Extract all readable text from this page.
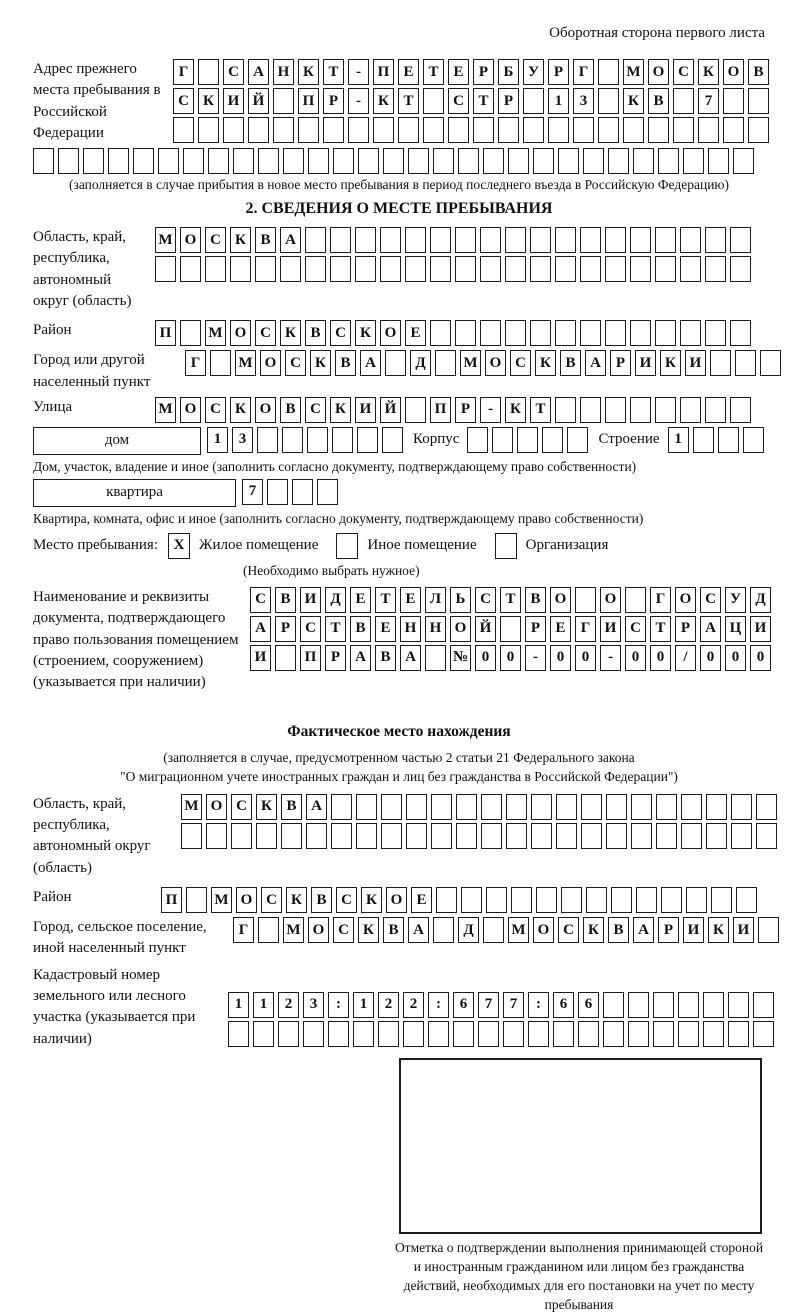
Оборотная сторона первого листа
Адрес прежнего места пребывания в Российской Федерации
Г	С А Н К Т	-	П Е Т Е	Р	Б У Р	Г	М О С К О В
С К И Й	П Р	-	К Т	С Т	Р	1	3	К В	7
(заполняется в случае прибытия в новое место пребывания в период последнего въезда в Российскую Федерацию)
2. СВЕДЕНИЯ О МЕСТЕ ПРЕБЫВАНИЯ
Область, край, республика, автономный округ (область)
М О С К В А
Район	П	М О С К В С К О Е
Город или другой населенный пункт
Г	М О С К В А	Д	М О С К В А Р И К И
Улица	М О С К О В С К И Й	П Р	-	К Т
дом	1	3	Корпус	Строение 1
Дом, участок, владение и иное (заполнить согласно документу, подтверждающему право собственности)
квартира	7
Квартира, комната, офис и иное (заполнить согласно документу, подтверждающему право собственности)
Место пребывания:	X Жилое помещение	Иное помещение	Организация
(Необходимо выбрать нужное)
Наименование и реквизиты документа, подтверждающего право пользования помещением (строением, сооружением) (указывается при наличии)
С В И Д Е Т Е Л Ь С Т В О	О	Г О С У Д
А Р	С Т В Е Н Н О Й	Р	Е	Г И С Т	Р	А Ц И
И	П Р	А В А	№ 0	0	-	0	0	-	0	0	/	0	0	0
Фактическое место нахождения
(заполняется в случае, предусмотренном частью 2 статьи 21 Федерального закона
"О миграционном учете иностранных граждан и лиц без гражданства в Российской Федерации")
Область, край, республика, автономный округ (область)
М О С К В А
Район	П	М О С К В С К О Е
Город, сельское поселение, иной населенный пункт
Г	М О С К В А	Д	М О С К В А Р И К И
Кадастровый номер земельного или лесного участка (указывается при наличии)
1	1	2	3	:	1	2	2	:	6	7	7	:	6	6
Отметка о подтверждении выполнения принимающей стороной и иностранным гражданином или лицом без гражданства действий, необходимых для его постановки на учет по месту пребывания
